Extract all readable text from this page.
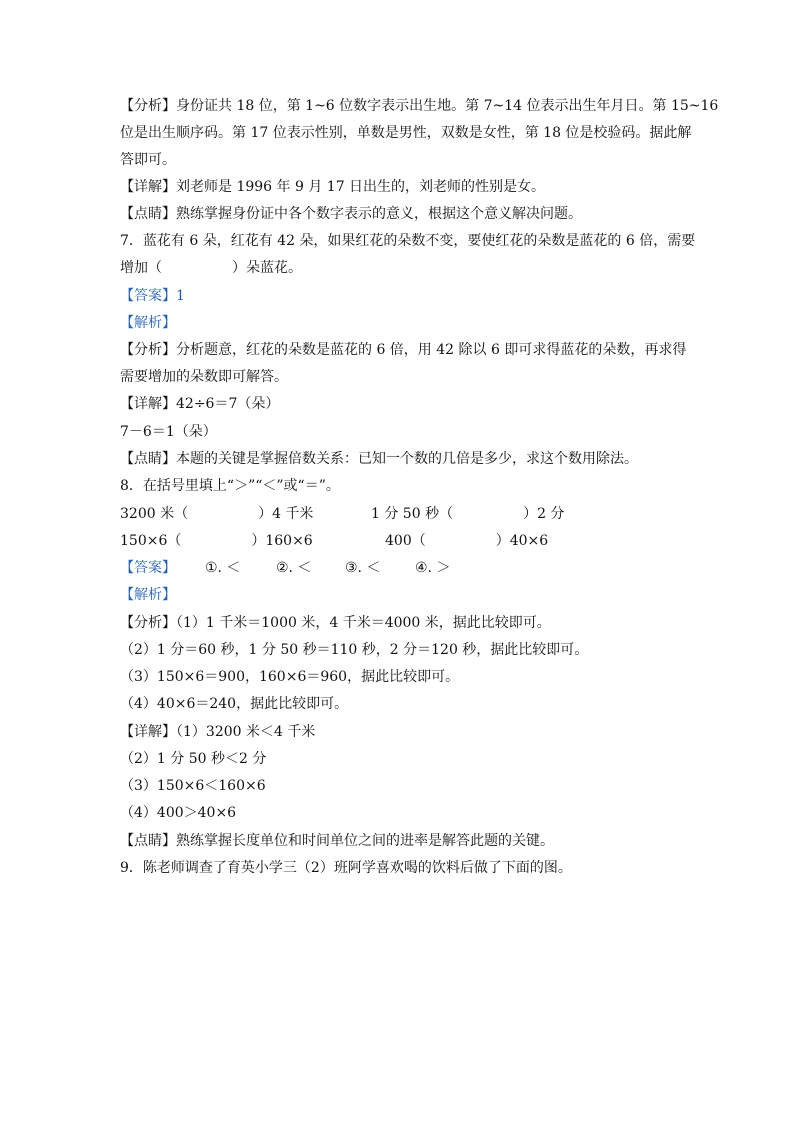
【分析】身份证共 18 位，第 1~6 位数字表示出生地。第 7~14 位表示出生年月日。第 15~16
位是出生顺序码。第 17 位表示性别，单数是男性，双数是女性，第 18 位是校验码。据此解
答即可。
【详解】刘老师是 1996 年 9 月 17 日出生的，刘老师的性别是女。
【点睛】熟练掌握身份证中各个数字表示的意义，根据这个意义解决问题。
7．蓝花有 6 朵，红花有 42 朵，如果红花的朵数不变，要使红花的朵数是蓝花的 6 倍，需要
增加（　　　　　）朵蓝花。
【答案】1
【解析】
【分析】分析题意，红花的朵数是蓝花的 6 倍，用 42 除以 6 即可求得蓝花的朵数，再求得
需要增加的朵数即可解答。
【详解】42÷6＝7（朵）
7－6＝1（朵）
【点睛】本题的关键是掌握倍数关系：已知一个数的几倍是多少，求这个数用除法。
8．在括号里填上“＞”“＜”或“＝”。
3200 米（　　　　　）4 千米	1 分 50 秒（　　　　　）2 分
150×6（　　　　　）160×6	400（　　　　　）40×6
【答案】 ①. ＜	②. ＜ ③. ＜ ④. ＞
【解析】
【分析】（1）1 千米＝1000 米，4 千米＝4000 米，据此比较即可。
（2）1 分＝60 秒，1 分 50 秒＝110 秒，2 分＝120 秒，据此比较即可。
（3）150×6＝900，160×6＝960，据此比较即可。
（4）40×6＝240，据此比较即可。
【详解】（1）3200 米＜4 千米
（2）1 分 50 秒＜2 分
（3）150×6＜160×6
（4）400＞40×6
【点睛】熟练掌握长度单位和时间单位之间的进率是解答此题的关键。
9．陈老师调查了育英小学三（2）班阿学喜欢喝的饮料后做了下面的图。
